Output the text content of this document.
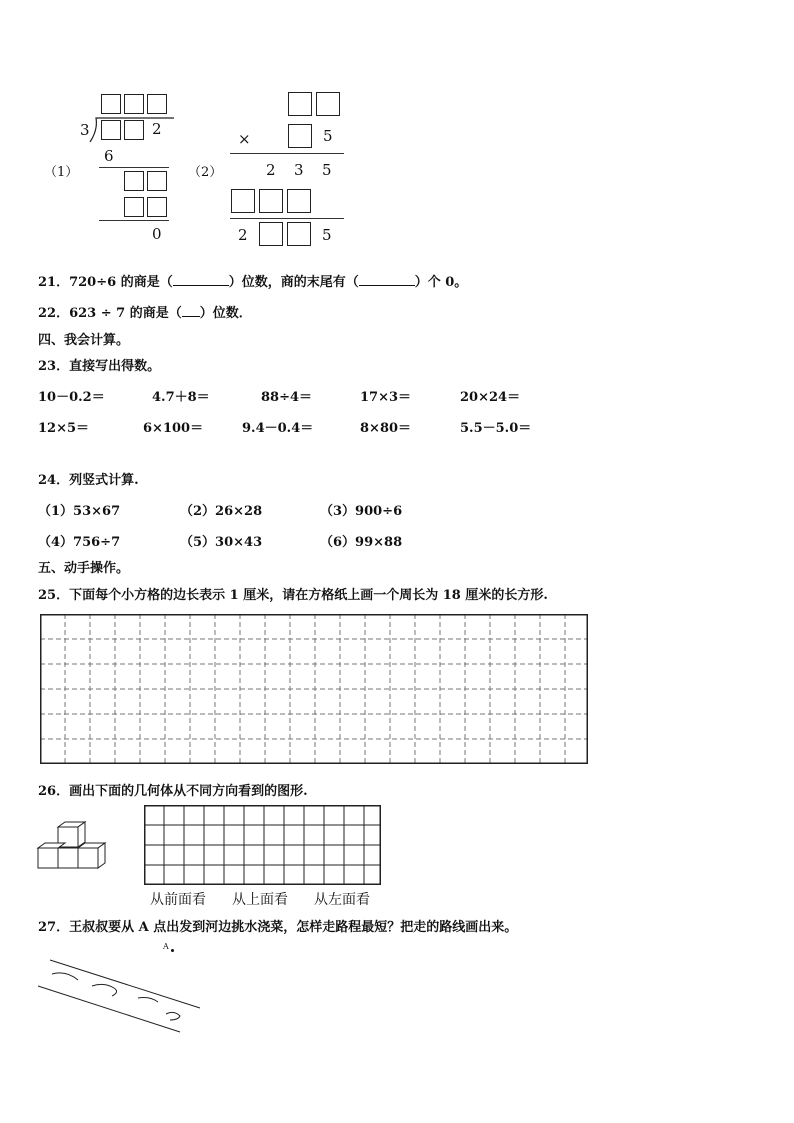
3	2
（1）
6
0
（2）
×	5
2 3 5
2	5
21．720÷6 的商是（	）位数，商的末尾有（	）个 0。
22．623 ÷ 7 的商是（ ）位数．
四、我会计算。
23．直接写出得数。
10－0.2＝	4.7＋8＝	88÷4＝	17×3＝	20×24＝
12×5＝	6×100＝	9.4－0.4＝	8×80＝	5.5－5.0＝
24．列竖式计算.
（1）53×67	（2）26×28	（3）900÷6
（4）756÷7	（5）30×43	（6）99×88
五、动手操作。
25．下面每个小方格的边长表示 1 厘米，请在方格纸上画一个周长为 18 厘米的长方形.
26．画出下面的几何体从不同方向看到的图形.
从前面看 从上面看 从左面看
27．王叔叔要从 A 点出发到河边挑水浇菜，怎样走路程最短？把走的路线画出来。
A
